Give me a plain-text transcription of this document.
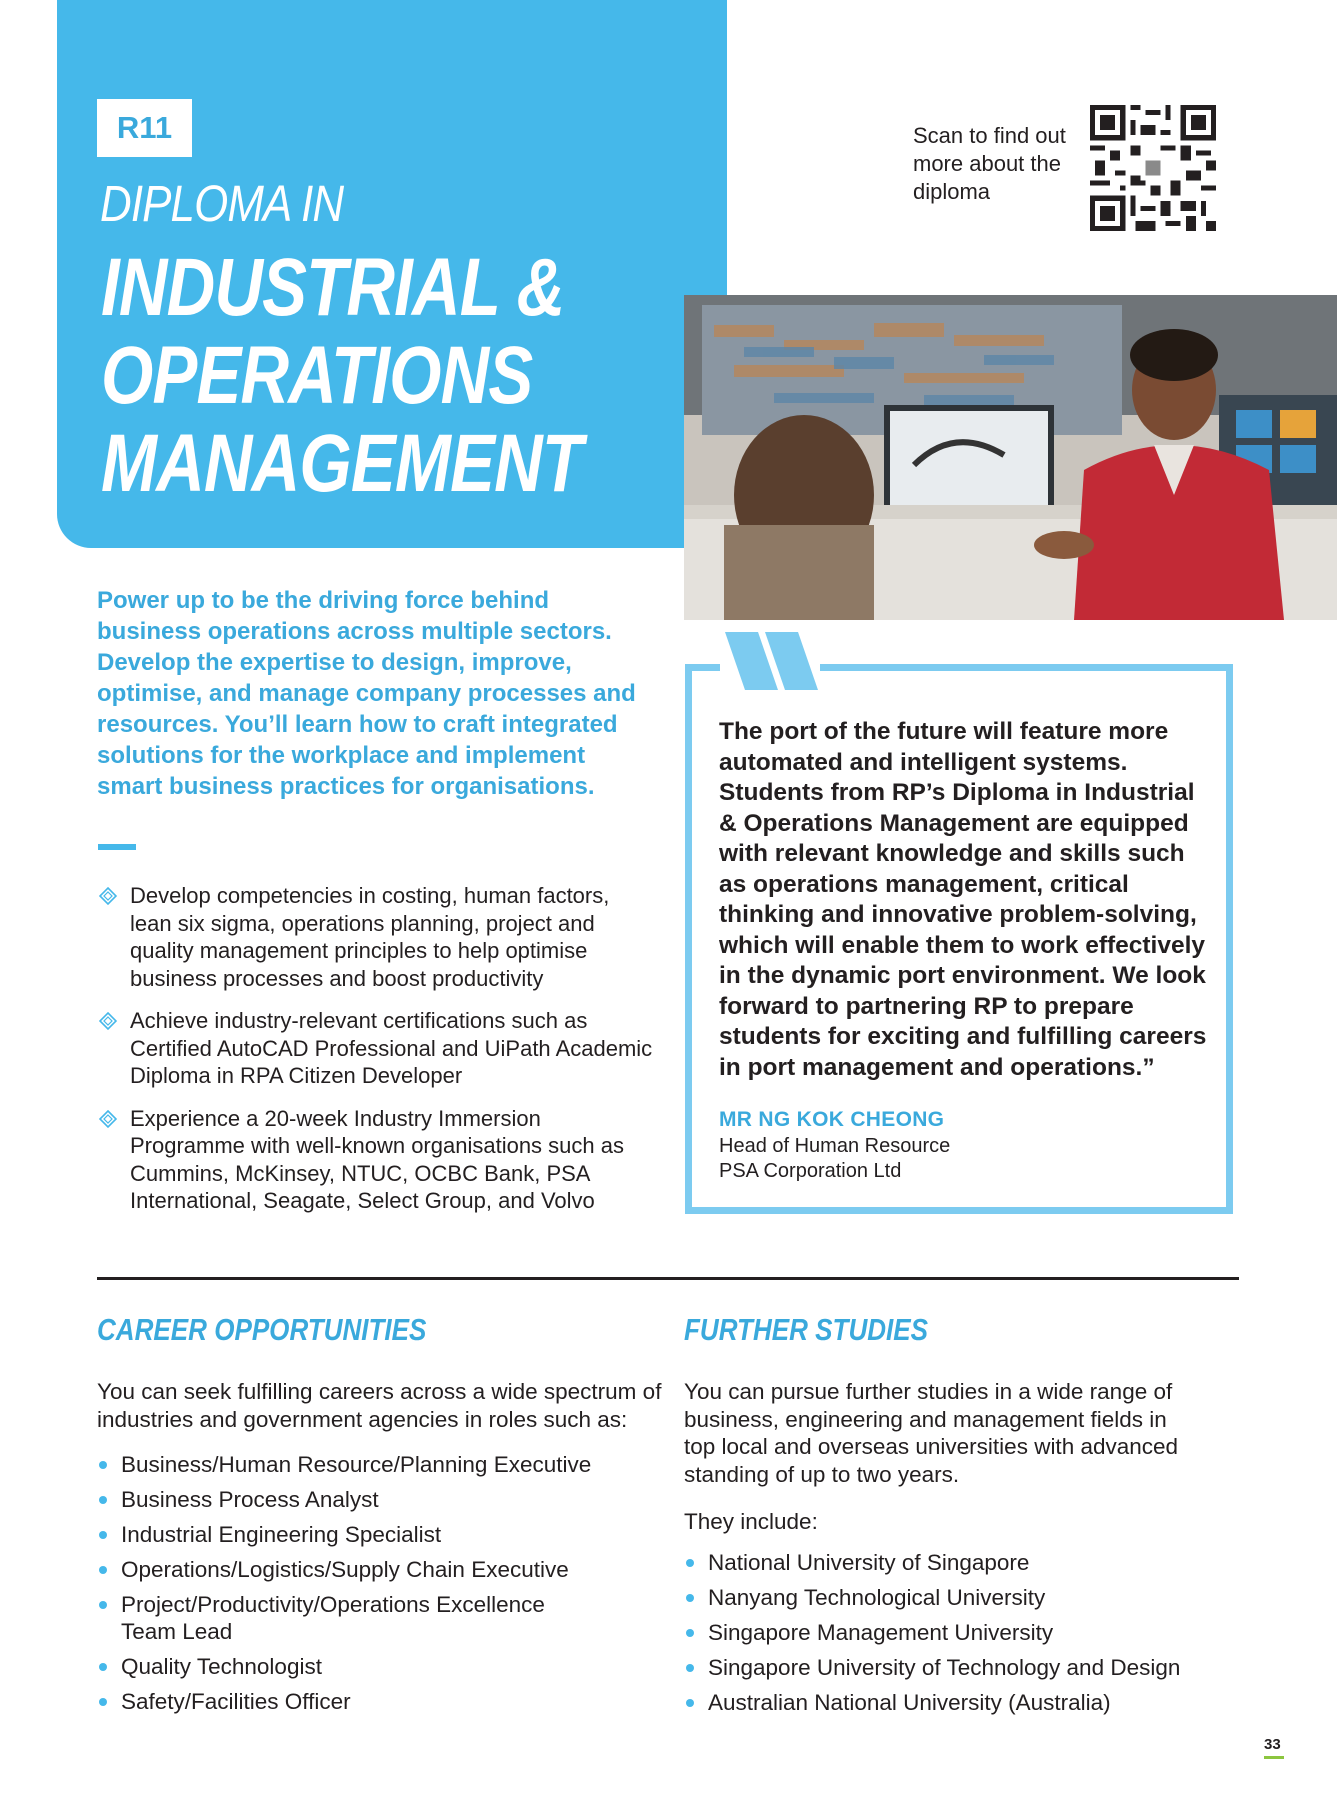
R11
DIPLOMA IN
INDUSTRIAL &
OPERATIONS
MANAGEMENT
Scan to find out more about the diploma
Power up to be the driving force behind business operations across multiple sectors. Develop the expertise to design, improve, optimise, and manage company processes and resources. You’ll learn how to craft integrated solutions for the workplace and implement smart business practices for organisations.
Develop competencies in costing, human factors, lean six sigma, operations planning, project and quality management principles to help optimise business processes and boost productivity
Achieve industry-relevant certifications such as Certified AutoCAD Professional and UiPath Academic Diploma in RPA Citizen Developer
Experience a 20-week Industry Immersion Programme with well-known organisations such as Cummins, McKinsey, NTUC, OCBC Bank, PSA International, Seagate, Select Group, and Volvo
The port of the future will feature more automated and intelligent systems. Students from RP’s Diploma in Industrial & Operations Management are equipped with relevant knowledge and skills such as operations management, critical thinking and innovative problem-solving, which will enable them to work effectively in the dynamic port environment. We look forward to partnering RP to prepare students for exciting and fulfilling careers in port management and operations.”
MR NG KOK CHEONG
Head of Human Resource
PSA Corporation Ltd
CAREER OPPORTUNITIES
You can seek fulfilling careers across a wide spectrum of industries and government agencies in roles such as:
Business/Human Resource/Planning Executive
Business Process Analyst
Industrial Engineering Specialist
Operations/Logistics/Supply Chain Executive
Project/Productivity/Operations Excellence Team Lead
Quality Technologist
Safety/Facilities Officer
FURTHER STUDIES
You can pursue further studies in a wide range of business, engineering and management fields in top local and overseas universities with advanced standing of up to two years.
They include:
National University of Singapore
Nanyang Technological University
Singapore Management University
Singapore University of Technology and Design
Australian National University (Australia)
33
